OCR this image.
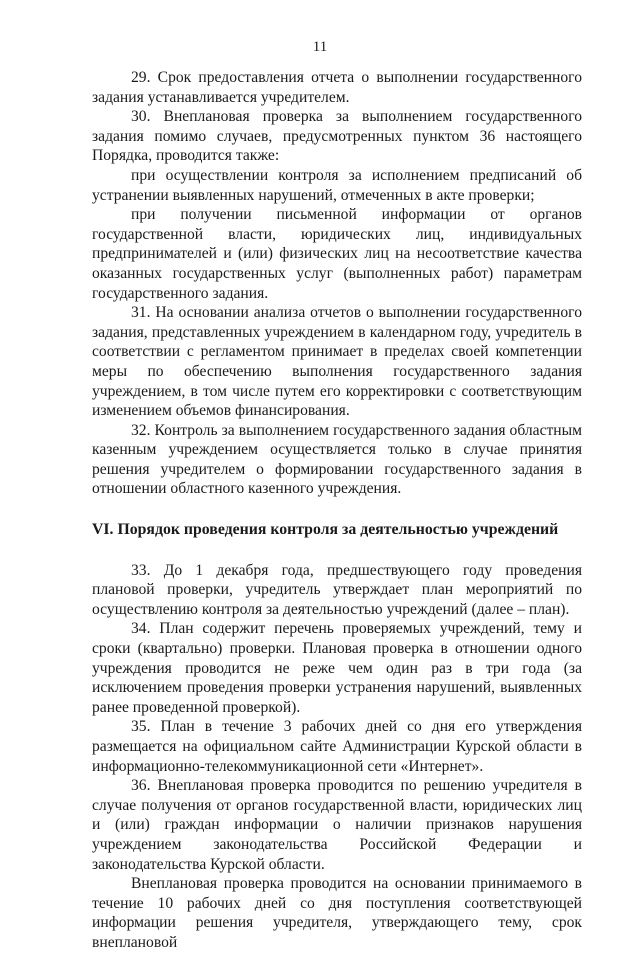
11

29. Срок предоставления отчета о выполнении государственного задания устанавливается учредителем.

30. Внеплановая проверка за выполнением государственного задания помимо случаев, предусмотренных пунктом 36 настоящего Порядка, проводится также:

при осуществлении контроля за исполнением предписаний об устранении выявленных нарушений, отмеченных в акте проверки;

при получении письменной информации от органов государственной власти, юридических лиц, индивидуальных предпринимателей и (или) физических лиц на несоответствие качества оказанных государственных услуг (выполненных работ) параметрам государственного задания.

31. На основании анализа отчетов о выполнении государственного задания, представленных учреждением в календарном году, учредитель в соответствии с регламентом принимает в пределах своей компетенции меры по обеспечению выполнения государственного задания учреждением, в том числе путем его корректировки с соответствующим изменением объемов финансирования.

32. Контроль за выполнением государственного задания областным казенным учреждением осуществляется только в случае принятия решения учредителем о формировании государственного задания в отношении областного казенного учреждения.

VI. Порядок проведения контроля за деятельностью учреждений

33. До 1 декабря года, предшествующего году проведения плановой проверки, учредитель утверждает план мероприятий по осуществлению контроля за деятельностью учреждений (далее – план).

34. План содержит перечень проверяемых учреждений, тему и сроки (квартально) проверки. Плановая проверка в отношении одного учреждения проводится не реже чем один раз в три года (за исключением проведения проверки устранения нарушений, выявленных ранее проведенной проверкой).

35. План в течение 3 рабочих дней со дня его утверждения размещается на официальном сайте Администрации Курской области в информационно-телекоммуникационной сети «Интернет».

36. Внеплановая проверка проводится по решению учредителя в случае получения от органов государственной власти, юридических лиц и (или) граждан информации о наличии признаков нарушения учреждением законодательства Российской Федерации и законодательства Курской области.

Внеплановая проверка проводится на основании принимаемого в течение 10 рабочих дней со дня поступления соответствующей информации решения учредителя, утверждающего тему, срок внеплановой
